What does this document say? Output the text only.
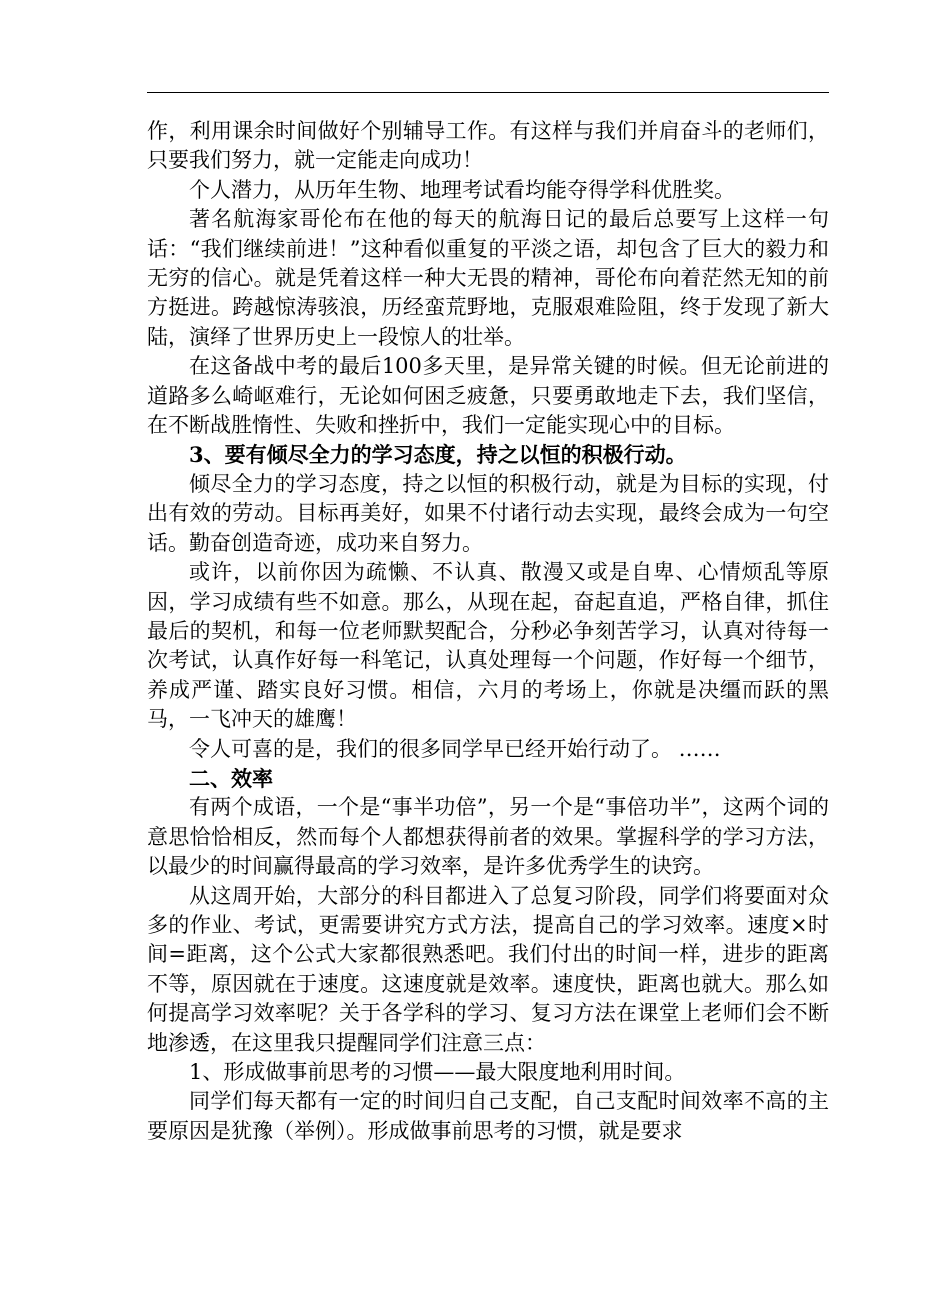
作，利用课余时间做好个别辅导工作。有这样与我们并肩奋斗的老师们，只要我们努力，就一定能走向成功！

个人潜力，从历年生物、地理考试看均能夺得学科优胜奖。

著名航海家哥伦布在他的每天的航海日记的最后总要写上这样一句话：“我们继续前进！”这种看似重复的平淡之语，却包含了巨大的毅力和无穷的信心。就是凭着这样一种大无畏的精神，哥伦布向着茫然无知的前方挺进。跨越惊涛骇浪，历经蛮荒野地，克服艰难险阻，终于发现了新大陆，演绎了世界历史上一段惊人的壮举。

在这备战中考的最后100多天里，是异常关键的时候。但无论前进的道路多么崎岖难行，无论如何困乏疲惫，只要勇敢地走下去，我们坚信，在不断战胜惰性、失败和挫折中，我们一定能实现心中的目标。

3、要有倾尽全力的学习态度，持之以恒的积极行动。

倾尽全力的学习态度，持之以恒的积极行动，就是为目标的实现，付出有效的劳动。目标再美好，如果不付诸行动去实现，最终会成为一句空话。勤奋创造奇迹，成功来自努力。

或许，以前你因为疏懒、不认真、散漫又或是自卑、心情烦乱等原因，学习成绩有些不如意。那么，从现在起，奋起直追，严格自律，抓住最后的契机，和每一位老师默契配合，分秒必争刻苦学习，认真对待每一次考试，认真作好每一科笔记，认真处理每一个问题，作好每一个细节，养成严谨、踏实良好习惯。相信，六月的考场上，你就是决缰而跃的黑马，一飞冲天的雄鹰！

令人可喜的是，我们的很多同学早已经开始行动了。 ……

二、效率

有两个成语，一个是“事半功倍”，另一个是“事倍功半”，这两个词的意思恰恰相反，然而每个人都想获得前者的效果。掌握科学的学习方法，以最少的时间赢得最高的学习效率，是许多优秀学生的诀窍。

从这周开始，大部分的科目都进入了总复习阶段，同学们将要面对众多的作业、考试，更需要讲究方式方法，提高自己的学习效率。速度×时间=距离，这个公式大家都很熟悉吧。我们付出的时间一样，进步的距离不等，原因就在于速度。这速度就是效率。速度快，距离也就大。那么如何提高学习效率呢？关于各学科的学习、复习方法在课堂上老师们会不断地渗透，在这里我只提醒同学们注意三点：

1、形成做事前思考的习惯——最大限度地利用时间。

同学们每天都有一定的时间归自己支配，自己支配时间效率不高的主要原因是犹豫（举例）。形成做事前思考的习惯，就是要求
